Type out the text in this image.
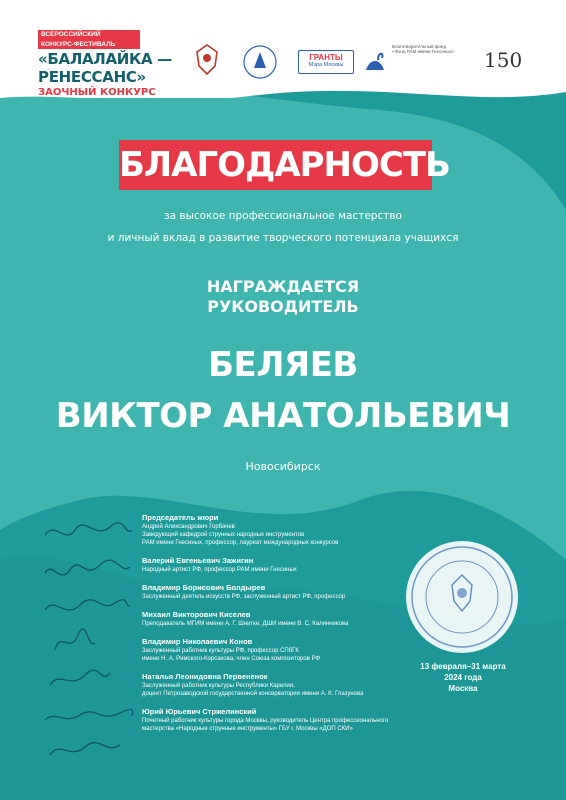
ВСЕРОССИЙСКИЙ
КОНКУРС-ФЕСТИВАЛЬ
«БАЛАЛАЙКА —
РЕНЕССАНС»
ЗАОЧНЫЙ КОНКУРС
ГРАНТЫ
Мэра Москвы
Благотворительный фонд
«Фонд РАМ имени Гнесиных» 150
БЛАГОДАРНОСТЬ
за высокое профессиональное мастерство
и личный вклад в развитие творческого потенциала учащихся
НАГРАЖДАЕТСЯ
РУКОВОДИТЕЛЬ
БЕЛЯЕВ
ВИКТОР АНАТОЛЬЕВИЧ
Новосибирск
Председатель жюри
Андрей Александрович Горбачев
Заведующий кафедрой струнных народных инструментов
РАМ имени Гнесиных, профессор, лауреат международных конкурсов
Валерий Евгеньевич Зажигин
Народный артист РФ, профессор РАМ имени Гнесиных
Владимир Борисович Болдырев
Заслуженный деятель искусств РФ, заслуженный артист РФ, профессор
Михаил Викторович Киселев
Преподаватель МГИМ имени А. Г. Шнитке, ДШИ имени В. С. Калинникова
Владимир Николаевич Конов
Заслуженный работник культуры РФ, профессор СПбГК
имени Н. А. Римского-Корсакова, член Союза композиторов РФ
Наталья Леонидовна Первененок
Заслуженный работник культуры Республики Карелия,
доцент Петрозаводской государственной консерватории имени А. К. Глазунова
Юрий Юрьевич Стржелинский
Почетный работник культуры города Москвы, руководитель Центра профессионального
мастерства «Народные струнные инструменты» ГБУ г. Москвы «ДОП СКИ»
13 февраля–31 марта
2024 года
Москва
